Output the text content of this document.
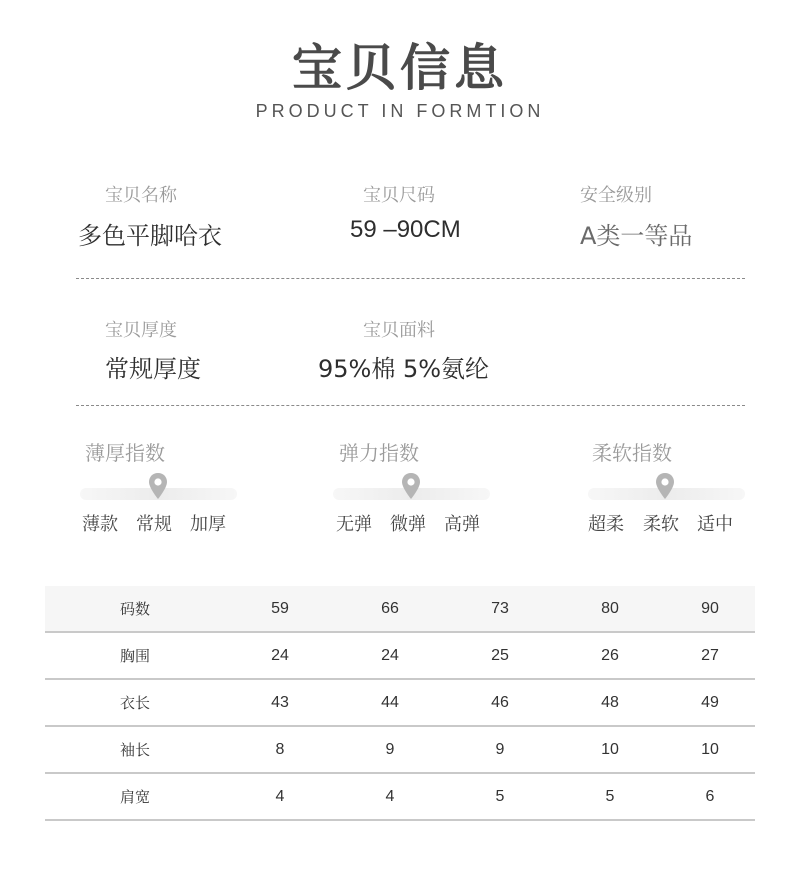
宝贝信息
PRODUCT IN FORMTION
宝贝名称
多色平脚哈衣
宝贝尺码
59 –90CM
安全级别
A类一等品
宝贝厚度
常规厚度
宝贝面料
95%棉 5%氨纶
薄厚指数
薄款 常规 加厚
弹力指数
无弹 微弹 高弹
柔软指数
超柔 柔软 适中
码数	59	66	73	80	90
胸围	24	24	25	26	27
衣长	43	44	46	48	49
袖长	8	9	9	10	10
肩宽	4	4	5	5	6
